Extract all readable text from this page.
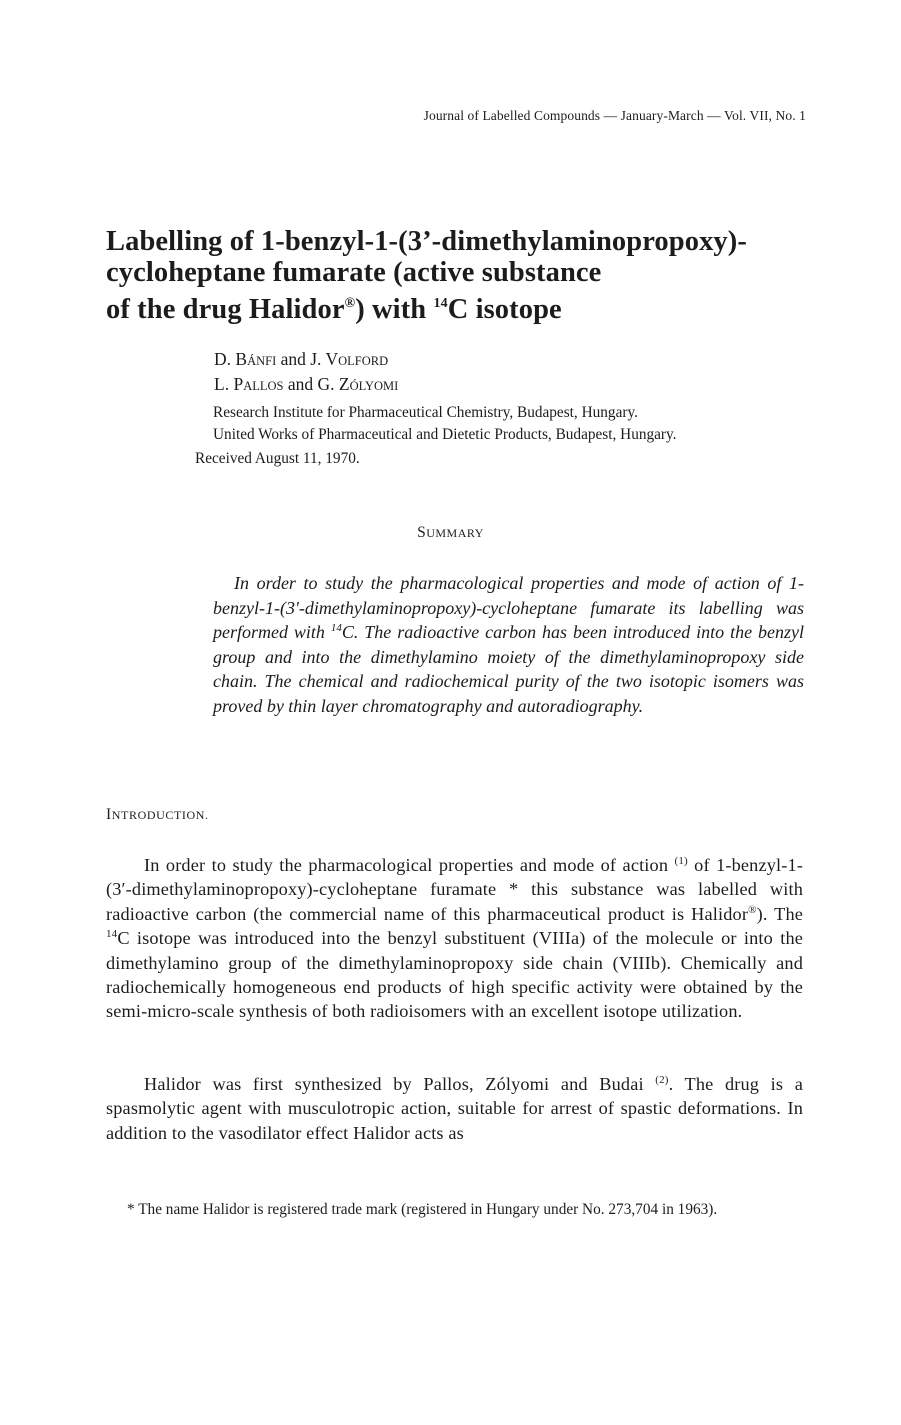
Journal of Labelled Compounds — January-March — Vol. VII, No. 1
Labelling of 1-benzyl-1-(3’-dimethylaminopropoxy)-
cycloheptane fumarate (active substance
of the drug Halidor®) with $^{14}$C isotope
D. BÁNFI and J. VOLFORD
L. PALLOS and G. ZÓLYOMI
Research Institute for Pharmaceutical Chemistry, Budapest, Hungary.
United Works of Pharmaceutical and Dietetic Products, Budapest, Hungary.
Received August 11, 1970.
SUMMARY

In order to study the pharmacological properties and mode of action of 1-benzyl-1-(3′-dimethylaminopropoxy)-cycloheptane fumarate its labelling was performed with $^{14}$C. The radioactive carbon has been introduced into the benzyl group and into the dimethylamino moiety of the dimethylaminopropoxy side chain. The chemical and radiochemical purity of the two isotopic isomers was proved by thin layer chromatography and autoradiography.

INTRODUCTION.

In order to study the pharmacological properties and mode of action $^{(1)}$ of 1-benzyl-1-(3′-dimethylaminopropoxy)-cycloheptane furamate * this substance was labelled with radioactive carbon (the commercial name of this pharmaceutical product is Halidor®). The $^{14}$C isotope was introduced into the benzyl substituent (VIIIa) of the molecule or into the dimethylamino group of the dimethylaminopropoxy side chain (VIIIb). Chemically and radiochemically homogeneous end products of high specific activity were obtained by the semi-micro-scale synthesis of both radioisomers with an excellent isotope utilization.

Halidor was first synthesized by Pallos, Zólyomi and Budai $^{(2)}$. The drug is a spasmolytic agent with musculotropic action, suitable for arrest of spastic deformations. In addition to the vasodilator effect Halidor acts as

* The name Halidor is registered trade mark (registered in Hungary under No. 273,704 in 1963).
